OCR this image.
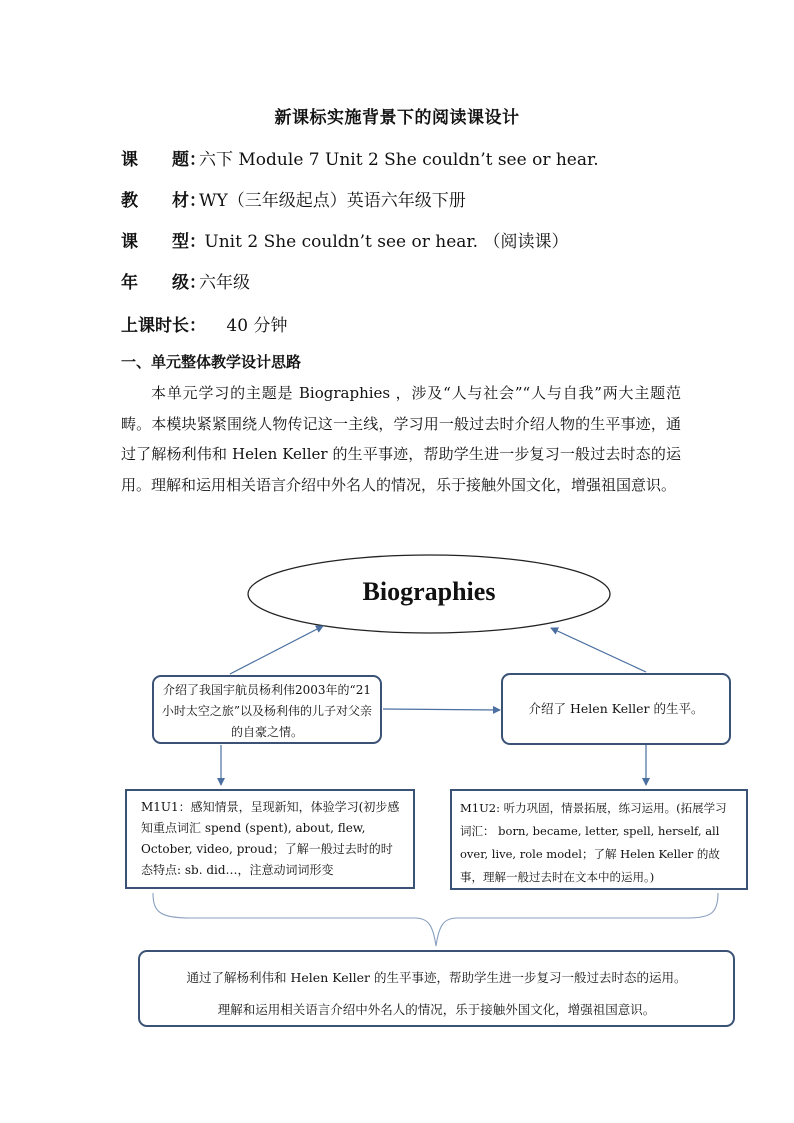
新课标实施背景下的阅读课设计
课　　题：六下 Module 7 Unit 2 She couldn’t see or hear.
教　　材：WY（三年级起点）英语六年级下册
课　　型： Unit 2 She couldn’t see or hear. （阅读课）
年　　级：六年级
上课时长： 40 分钟
一、单元整体教学设计思路
本单元学习的主题是 Biographies ，涉及“人与社会”“人与自我”两大主题范畴。本模块紧紧围绕人物传记这一主线，学习用一般过去时介绍人物的生平事迹，通过了解杨利伟和 Helen Keller 的生平事迹，帮助学生进一步复习一般过去时态的运用。理解和运用相关语言介绍中外名人的情况，乐于接触外国文化，增强祖国意识。
Biographies
介绍了我国宇航员杨利伟2003年的“21 小时太空之旅”以及杨利伟的儿子对父亲的自豪之情。
介绍了 Helen Keller 的生平。
M1U1：感知情景，呈现新知，体验学习(初步感知重点词汇 spend (spent), about, flew, October, video, proud；了解一般过去时的时态特点: sb. did…，注意动词词形变
M1U2: 听力巩固，情景拓展，练习运用。(拓展学习词汇： born, became, letter, spell, herself, all over, live, role model；了解 Helen Keller 的故事，理解一般过去时在文本中的运用。)
通过了解杨利伟和 Helen Keller 的生平事迹，帮助学生进一步复习一般过去时态的运用。
理解和运用相关语言介绍中外名人的情况，乐于接触外国文化，增强祖国意识。
